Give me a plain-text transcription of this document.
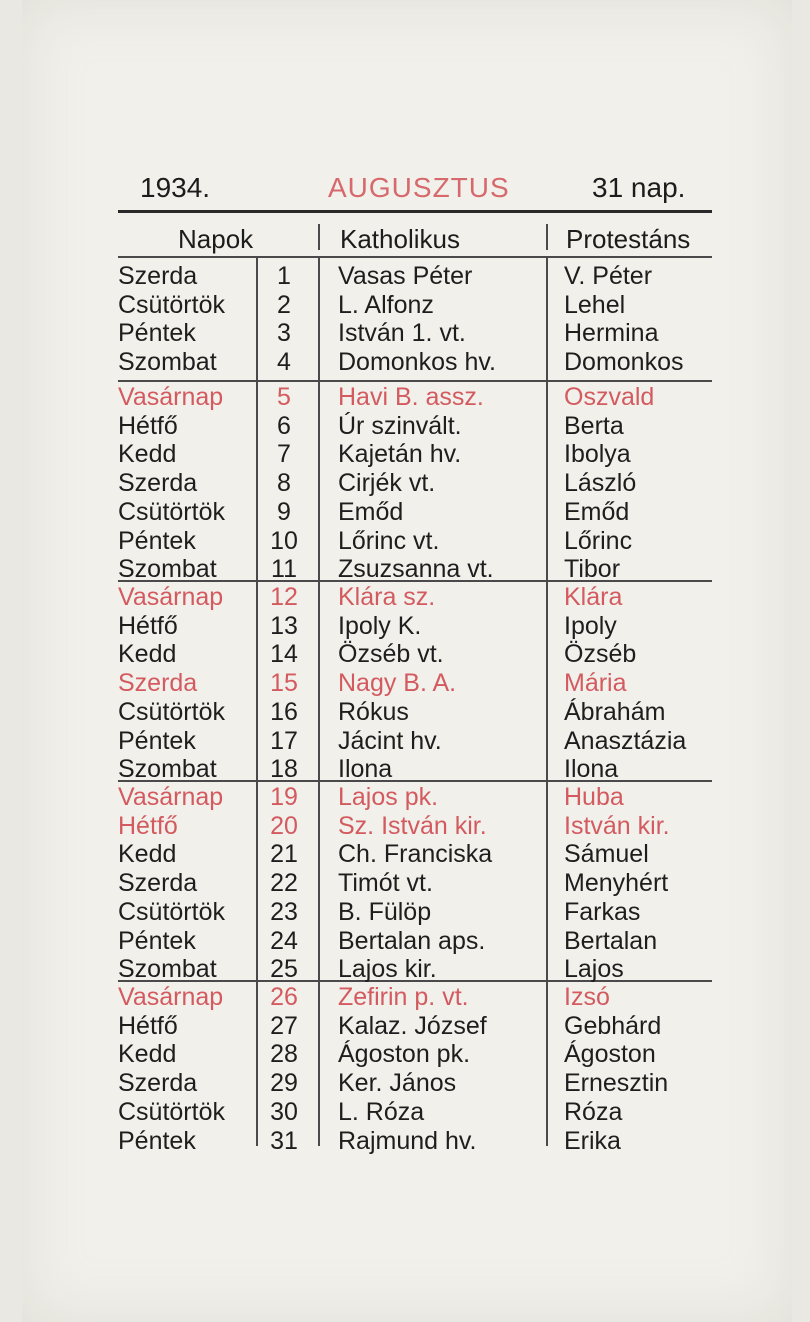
1934.	AUGUSZTUS	31 nap.
Napok	Katholikus	Protestáns
Szerda	1	Vasas Péter	V. Péter
Csütörtök	2	L. Alfonz	Lehel
Péntek	3	István 1. vt.	Hermina
Szombat	4	Domonkos hv.	Domonkos
Vasárnap	5	Havi B. assz.	Oszvald
Hétfő	6	Úr szinvált.	Berta
Kedd	7	Kajetán hv.	Ibolya
Szerda	8	Cirjék vt.	László
Csütörtök	9	Emőd	Emőd
Péntek	10 Lőrinc vt.	Lőrinc
Szombat 11 Zsuzsanna vt.	Tibor
Vasárnap 12 Klára sz.	Klára
Hétfő	13 Ipoly K.	Ipoly
Kedd	14 Özséb vt.	Özséb
Szerda	15 Nagy B. A.	Mária
Csütörtök 16 Rókus	Ábrahám
Péntek	17 Jácint hv.	Anasztázia
Szombat 18 Ilona	Ilona
Vasárnap 19 Lajos pk.	Huba
Hétfő	20 Sz. István kir.	István kir.
Kedd	21 Ch. Franciska	Sámuel
Szerda	22 Timót vt.	Menyhért
Csütörtök 23 B. Fülöp	Farkas
Péntek	24 Bertalan aps.	Bertalan
Szombat 25 Lajos kir.	Lajos
Vasárnap 26 Zefirin p. vt.	Izsó
Hétfő	27 Kalaz. József	Gebhárd
Kedd	28 Ágoston pk.	Ágoston
Szerda	29 Ker. János	Ernesztin
Csütörtök 30 L. Róza	Róza
Péntek	31 Rajmund hv.	Erika
